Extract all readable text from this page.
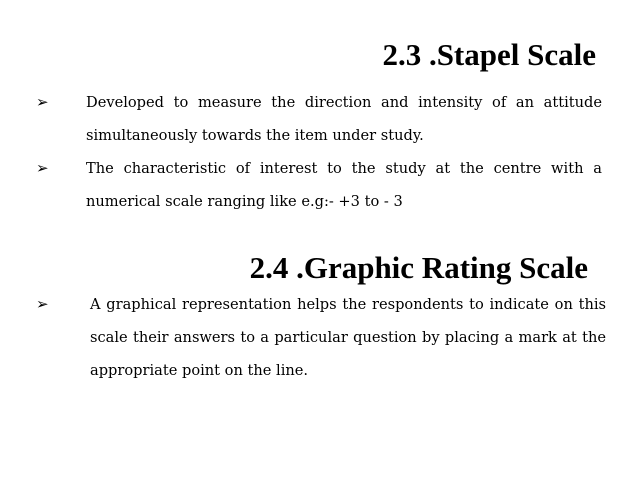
2.3 .Stapel Scale
➢	Developed to measure the direction and intensity of an attitude simultaneously towards the item under study.
➢	The characteristic of interest to the study at the centre with a numerical scale ranging like e.g:- +3 to - 3
2.4 .Graphic Rating Scale
➢	A graphical representation helps the respondents to indicate on this scale their answers to a particular question by placing a mark at the appropriate point on the line.
